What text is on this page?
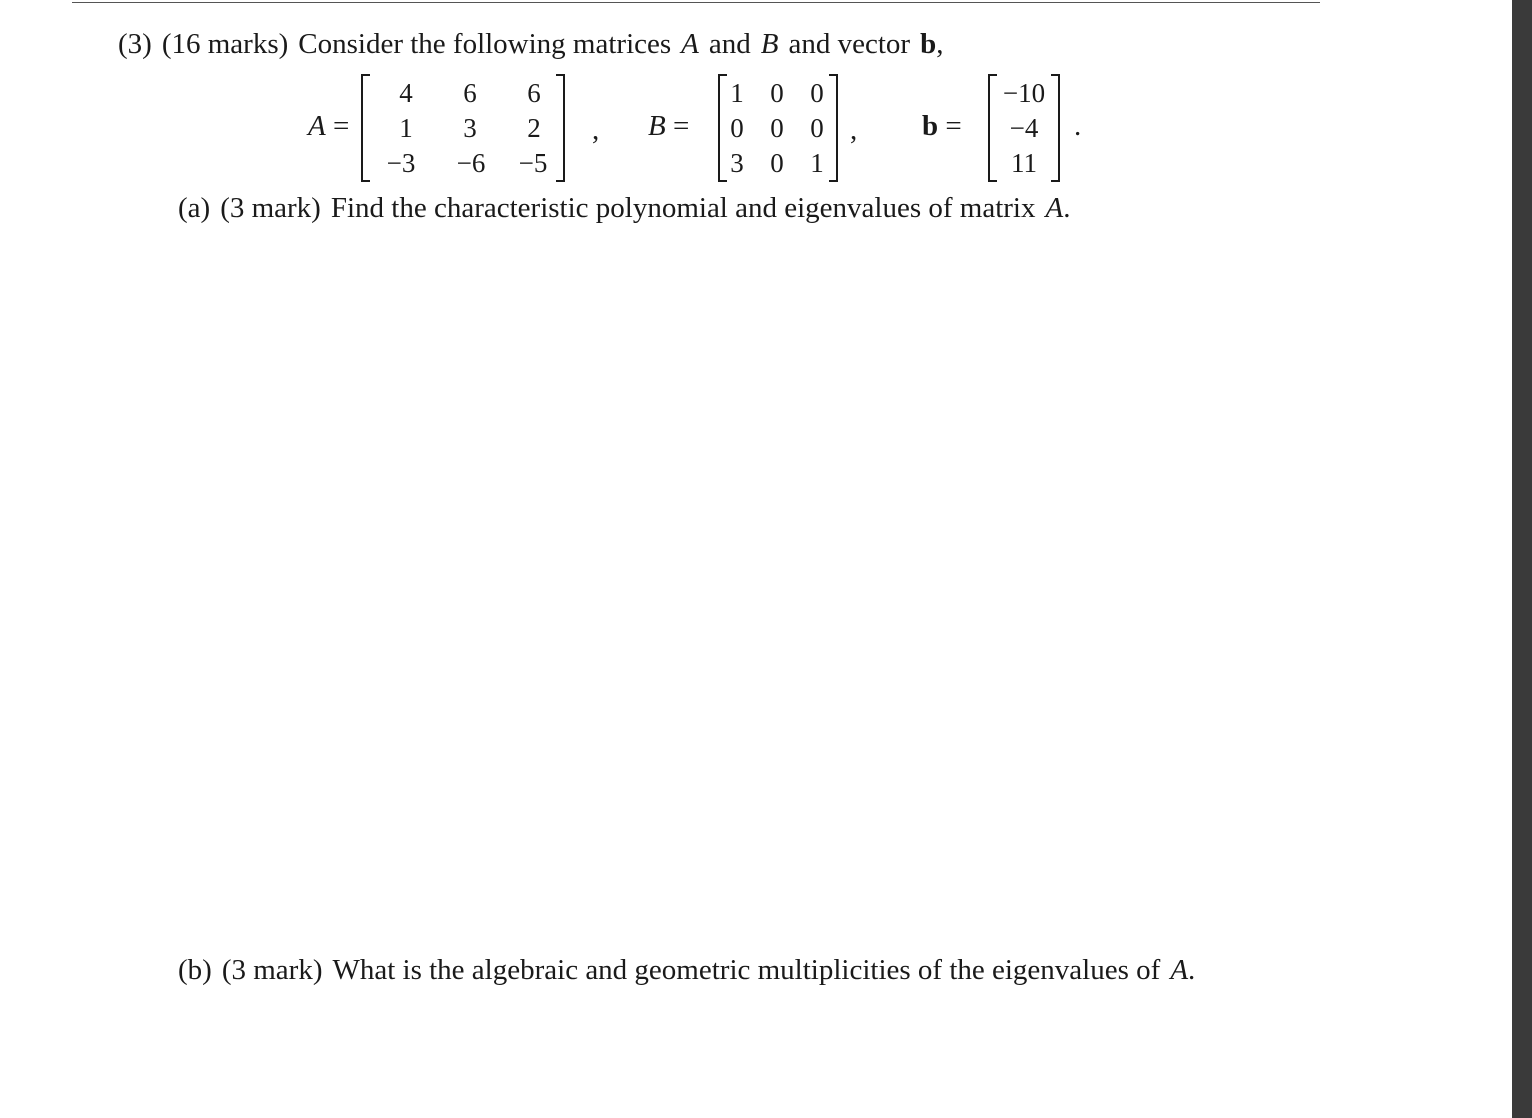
(3) (16 marks) Consider the following matrices A and B and vector b,
A =
4	6	6
1	3	2
−3	−6	−5
, B =
1 0 0
0 0 0
3 0 1
, b =
−10
−4
11
.
(a) (3 mark) Find the characteristic polynomial and eigenvalues of matrix A.
(b) (3 mark) What is the algebraic and geometric multiplicities of the eigenvalues of A.
